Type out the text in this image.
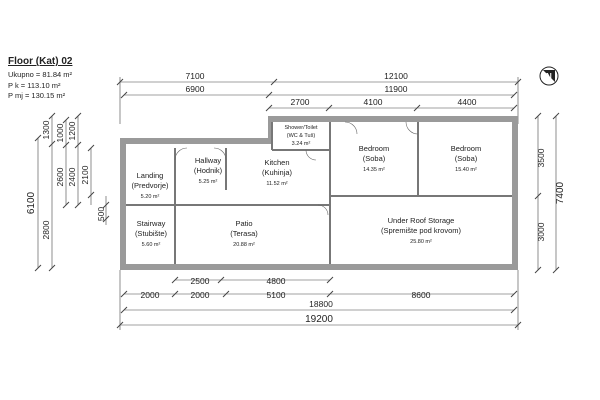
Floor (Kat) 02
Ukupno = 81.84 m²
P k = 113.10 m²
P mj = 130.15 m²
7100	12100
6900	11900
2700	4100	4400
N
Landing
(Predvorje)
5.20 m²
Hallway
(Hodnik)
5.25 m²
Kitchen
(Kuhinja)
11.52 m²
Shower/Toilet
(WC & Tuš)
3.24 m²	Bedroom
(Soba)
14.35 m²
Bedroom
(Soba)
15.40 m²
Stairway
(Stubište)
5.60 m²
Patio
(Terasa)
20.88 m²
Under Roof Storage
(Spremište pod krovom)
25.80 m²
2500	4800
2000	2000	5100	8600
18800
19200
6100
1300
2800
1000
2600
1200
2400 2100
500
3500
3000
7400
